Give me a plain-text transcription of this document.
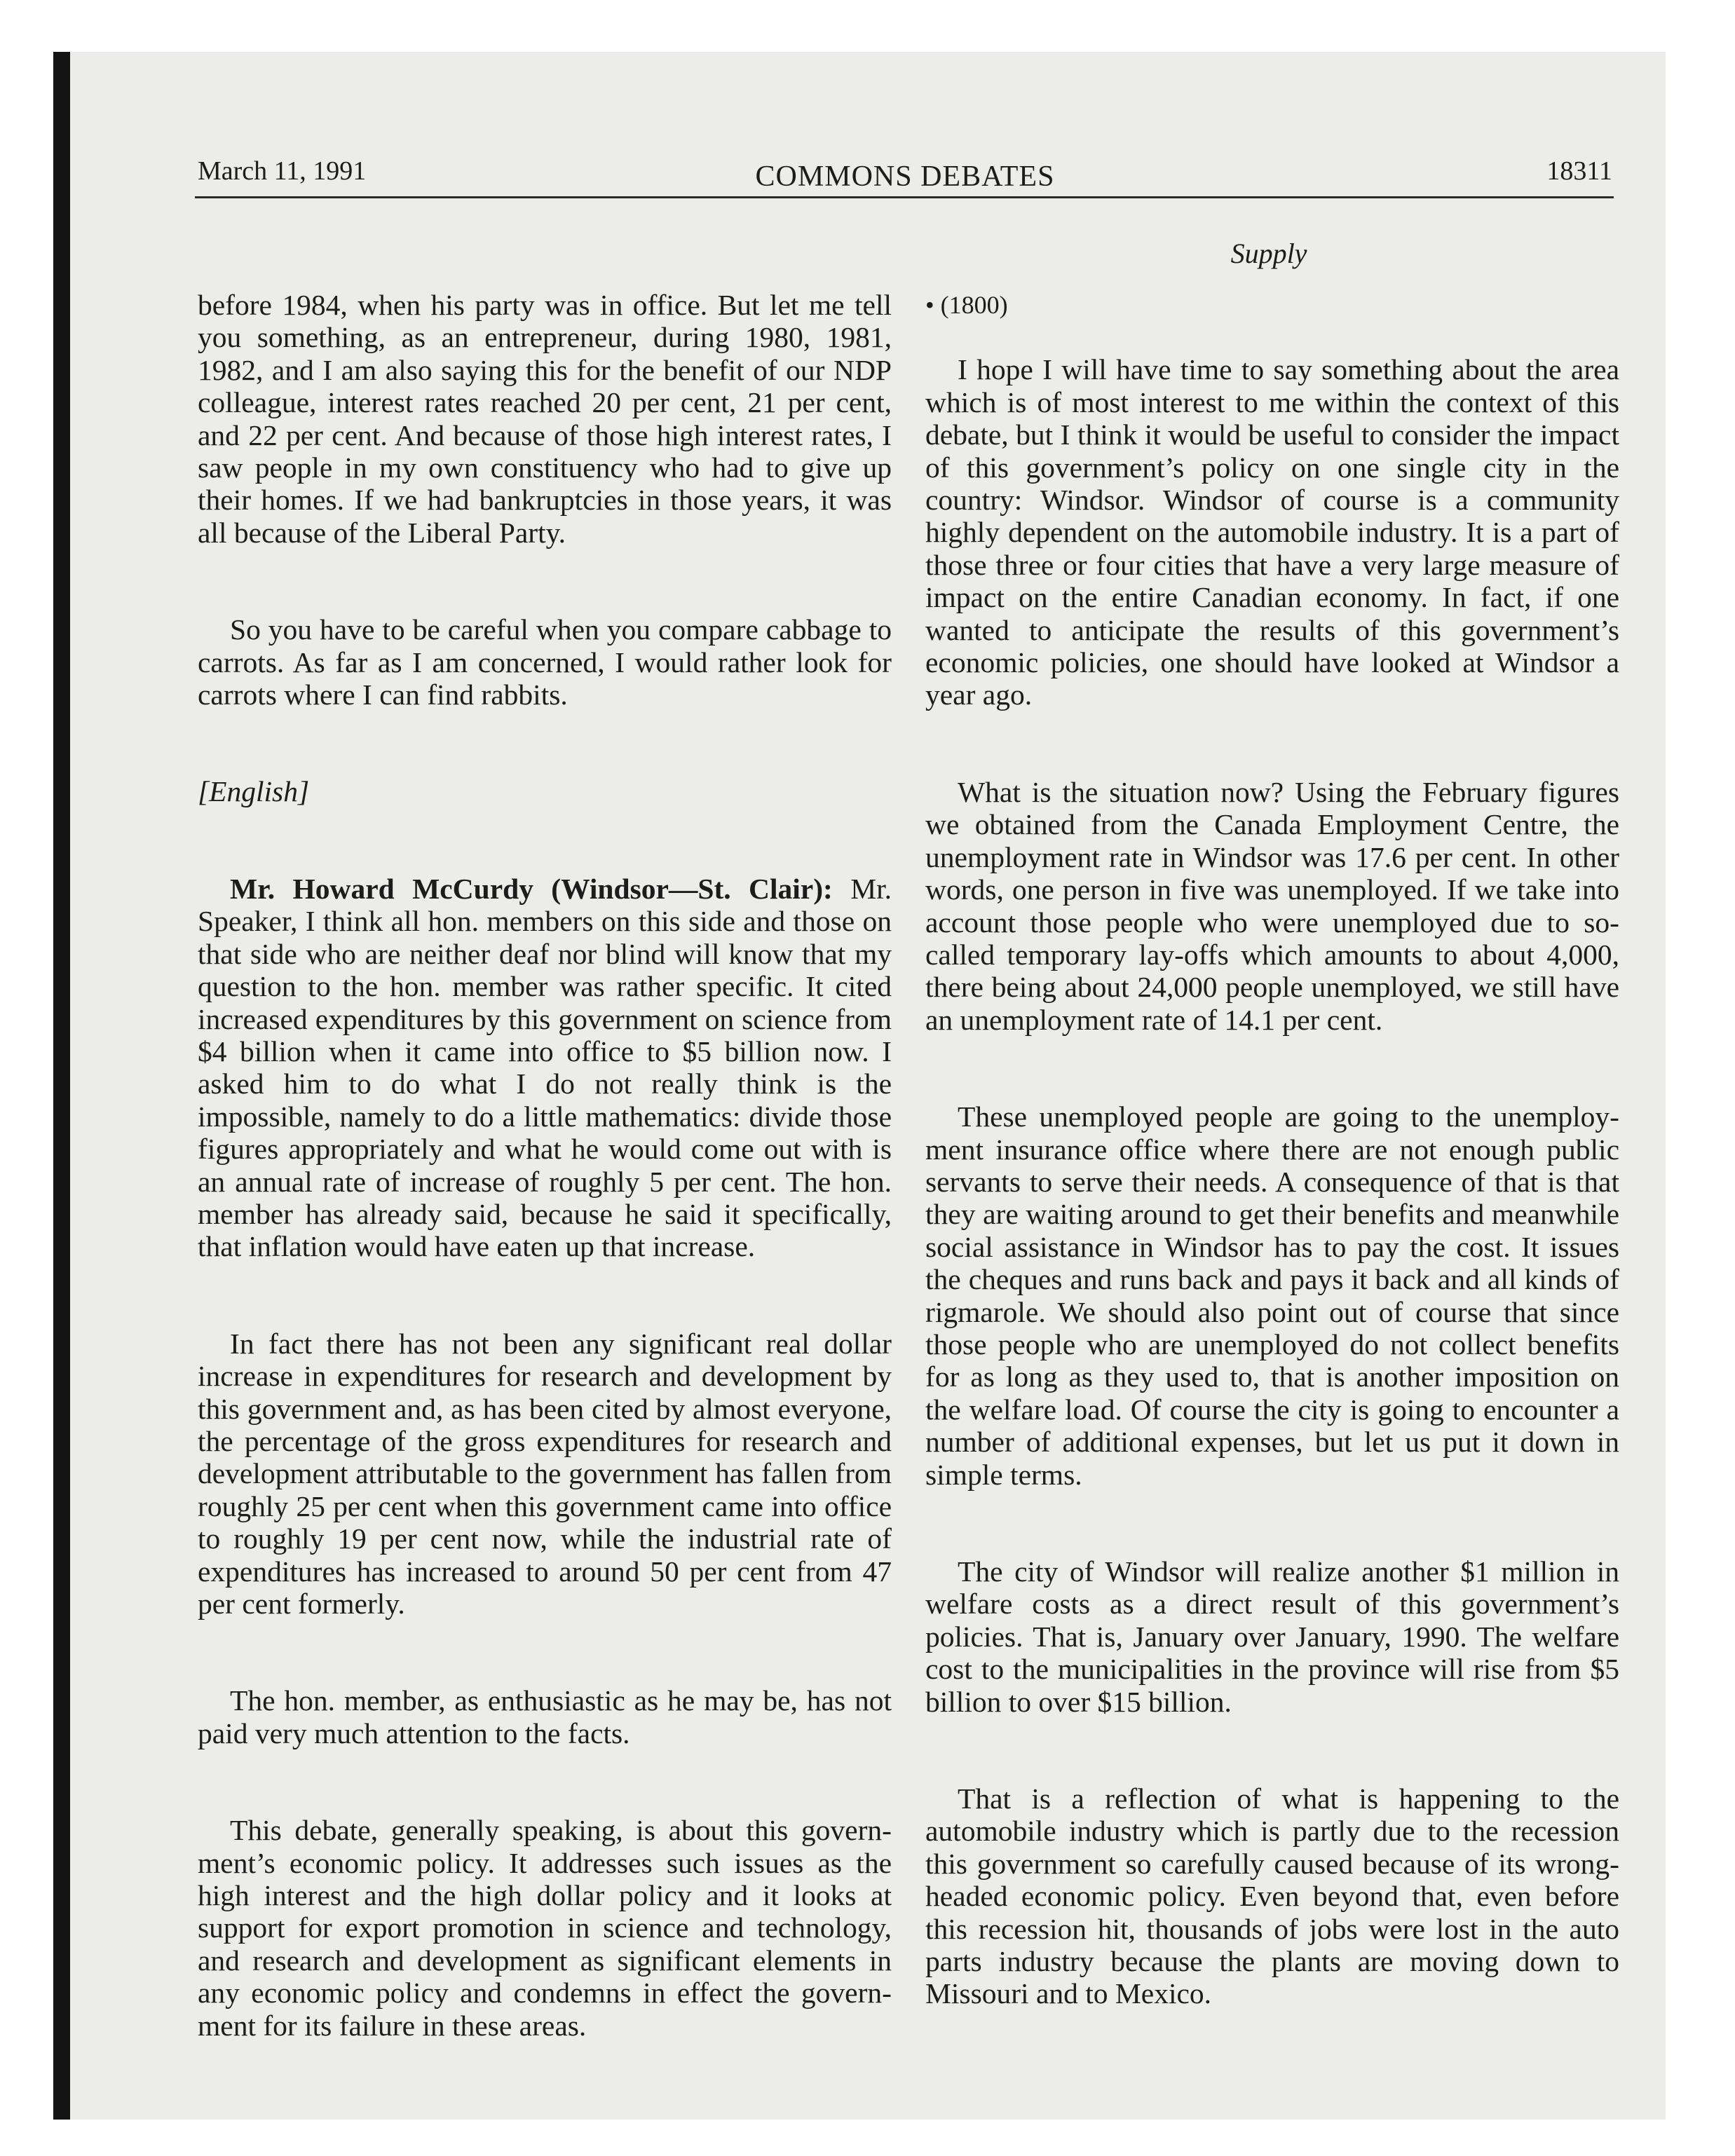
March 11, 1991	COMMONS DEBATES	18311
Supply

before 1984, when his party was in office. But let me tell you something, as an entrepreneur, during 1980, 1981, 1982, and I am also saying this for the benefit of our NDP colleague, interest rates reached 20 per cent, 21 per cent, and 22 per cent. And because of those high interest rates, I saw people in my own constituency who had to give up their homes. If we had bankruptcies in those years, it was all because of the Liberal Party.

So you have to be careful when you compare cabbage to carrots. As far as I am concerned, I would rather look for carrots where I can find rabbits.

[English]

Mr. Howard McCurdy (Windsor—St. Clair): Mr. Speaker, I think all hon. members on this side and those on that side who are neither deaf nor blind will know that my question to the hon. member was rather specific. It cited increased expenditures by this government on science from $4 billion when it came into office to $5 billion now. I asked him to do what I do not really think is the impossible, namely to do a little mathematics: divide those figures appropriately and what he would come out with is an annual rate of increase of roughly 5 per cent. The hon. member has already said, because he said it specifically, that inflation would have eaten up that increase.

In fact there has not been any significant real dollar increase in expenditures for research and development by this government and, as has been cited by almost everyone, the percentage of the gross expenditures for research and development attributable to the government has fallen from roughly 25 per cent when this government came into office to roughly 19 per cent now, while the industrial rate of expenditures has increased to around 50 per cent from 47 per cent formerly.

The hon. member, as enthusiastic as he may be, has not paid very much attention to the facts.

This debate, generally speaking, is about this government’s economic policy. It addresses such issues as the high interest and the high dollar policy and it looks at support for export promotion in science and technology, and research and development as significant elements in any economic policy and condemns in effect the government for its failure in these areas.

• (1800)

I hope I will have time to say something about the area which is of most interest to me within the context of this debate, but I think it would be useful to consider the impact of this government’s policy on one single city in the country: Windsor. Windsor of course is a community highly dependent on the automobile industry. It is a part of those three or four cities that have a very large measure of impact on the entire Canadian economy. In fact, if one wanted to anticipate the results of this government’s economic policies, one should have looked at Windsor a year ago.

What is the situation now? Using the February figures we obtained from the Canada Employment Centre, the unemployment rate in Windsor was 17.6 per cent. In other words, one person in five was unemployed. If we take into account those people who were unemployed due to so-called temporary lay-offs which amounts to about 4,000, there being about 24,000 people unemployed, we still have an unemployment rate of 14.1 per cent.

These unemployed people are going to the unemployment insurance office where there are not enough public servants to serve their needs. A consequence of that is that they are waiting around to get their benefits and meanwhile social assistance in Windsor has to pay the cost. It issues the cheques and runs back and pays it back and all kinds of rigmarole. We should also point out of course that since those people who are unemployed do not collect benefits for as long as they used to, that is another imposition on the welfare load. Of course the city is going to encounter a number of additional expenses, but let us put it down in simple terms.

The city of Windsor will realize another $1 million in welfare costs as a direct result of this government’s policies. That is, January over January, 1990. The welfare cost to the municipalities in the province will rise from $5 billion to over $15 billion.

That is a reflection of what is happening to the automobile industry which is partly due to the recession this government so carefully caused because of its wrong-headed economic policy. Even beyond that, even before this recession hit, thousands of jobs were lost in the auto parts industry because the plants are moving down to Missouri and to Mexico.
